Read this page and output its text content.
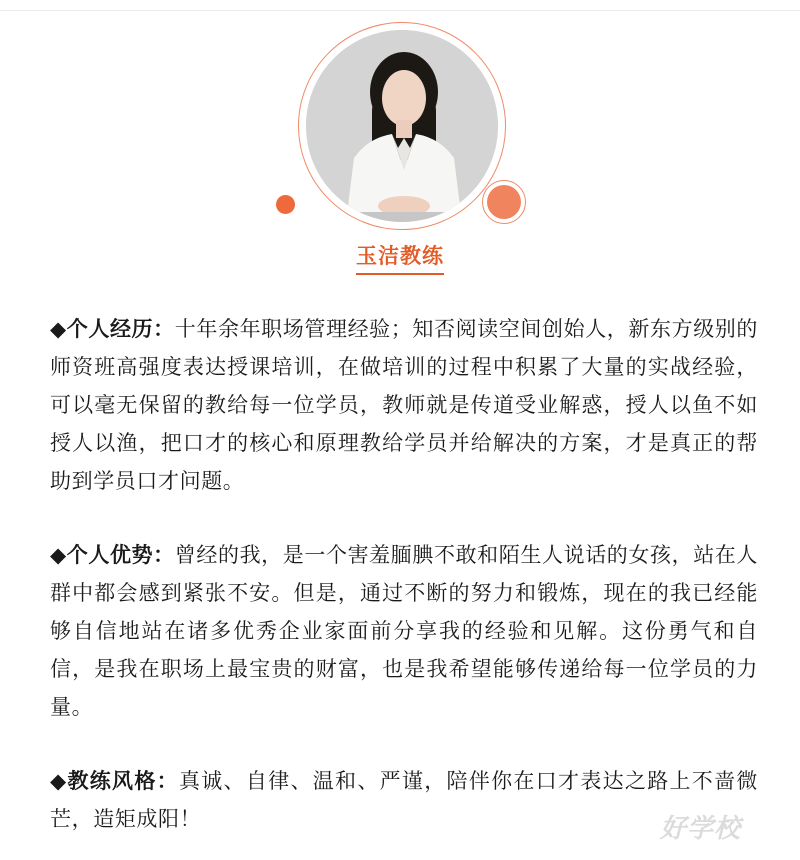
玉洁教练
◆个人经历：十年余年职场管理经验；知否阅读空间创始人，新东方级别的师资班高强度表达授课培训，在做培训的过程中积累了大量的实战经验，可以毫无保留的教给每一位学员，教师就是传道受业解惑，授人以鱼不如授人以渔，把口才的核心和原理教给学员并给解决的方案，才是真正的帮助到学员口才问题。
◆个人优势：曾经的我，是一个害羞腼腆不敢和陌生人说话的女孩，站在人群中都会感到紧张不安。但是，通过不断的努力和锻炼，现在的我已经能够自信地站在诸多优秀企业家面前分享我的经验和见解。这份勇气和自信，是我在职场上最宝贵的财富，也是我希望能够传递给每一位学员的力量。
◆教练风格：真诚、自律、温和、严谨，陪伴你在口才表达之路上不啬微芒，造矩成阳！	好学校
